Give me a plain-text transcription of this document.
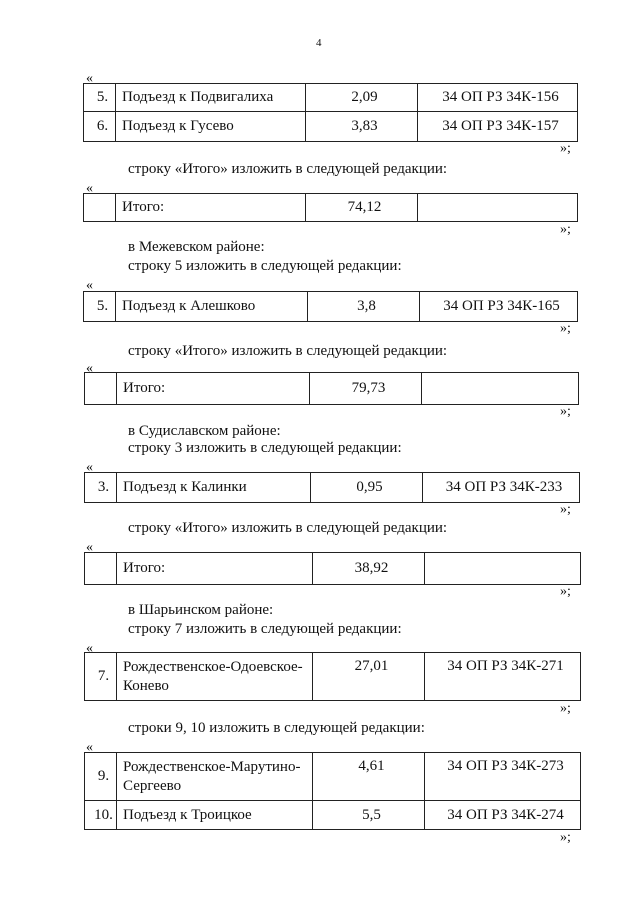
4
«
5.	Подъезд к Подвигалиха	2,09	34 ОП РЗ 34К-156
6.	Подъезд к Гусево	3,83	34 ОП РЗ 34К-157
»;
строку «Итого» изложить в следующей редакции:
«
	Итого:	74,12	
»;
в Межевском районе:
строку 5 изложить в следующей редакции:
«
5.	Подъезд к Алешково	3,8	34 ОП РЗ 34К-165
»;
строку «Итого» изложить в следующей редакции:
«
	Итого:	79,73	
»;
в Судиславском районе:
строку 3 изложить в следующей редакции:
«
3.	Подъезд к Калинки	0,95	34 ОП РЗ 34К-233
»;
строку «Итого» изложить в следующей редакции:
«
	Итого:	38,92	
»;
в Шарьинском районе:
строку 7 изложить в следующей редакции:
«
7.	Рождественское-Одоевское-Конево	27,01	34 ОП РЗ 34К-271
»;
строки 9, 10 изложить в следующей редакции:
«
9.	Рождественское-Марутино-Сергеево	4,61	34 ОП РЗ 34К-273
10.	Подъезд к Троицкое	5,5	34 ОП РЗ 34К-274
»;
